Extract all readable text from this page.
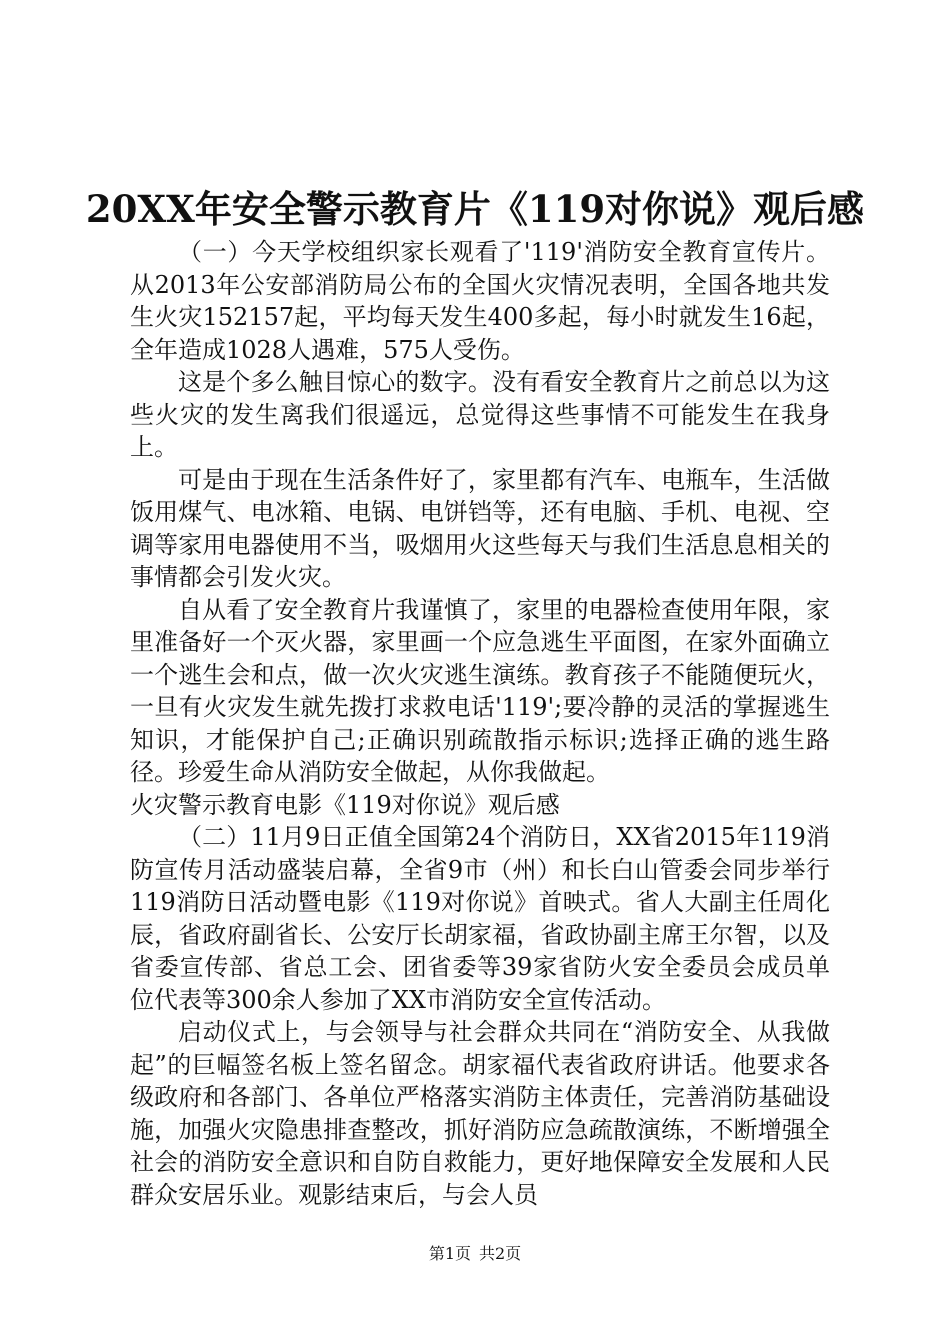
20XX年安全警示教育片《119对你说》观后感

（一）今天学校组织家长观看了'119'消防安全教育宣传片。从2013年公安部消防局公布的全国火灾情况表明，全国各地共发生火灾152157起，平均每天发生400多起，每小时就发生16起，全年造成1028人遇难，575人受伤。

这是个多么触目惊心的数字。没有看安全教育片之前总以为这些火灾的发生离我们很遥远，总觉得这些事情不可能发生在我身上。

可是由于现在生活条件好了，家里都有汽车、电瓶车，生活做饭用煤气、电冰箱、电锅、电饼铛等，还有电脑、手机、电视、空调等家用电器使用不当，吸烟用火这些每天与我们生活息息相关的事情都会引发火灾。

自从看了安全教育片我谨慎了，家里的电器检查使用年限，家里准备好一个灭火器，家里画一个应急逃生平面图，在家外面确立一个逃生会和点，做一次火灾逃生演练。教育孩子不能随便玩火，一旦有火灾发生就先拨打求救电话'119';要冷静的灵活的掌握逃生知识，才能保护自己;正确识别疏散指示标识;选择正确的逃生路径。珍爱生命从消防安全做起，从你我做起。

火灾警示教育电影《119对你说》观后感

（二）11月9日正值全国第24个消防日，XX省2015年119消防宣传月活动盛装启幕，全省9市（州）和长白山管委会同步举行119消防日活动暨电影《119对你说》首映式。省人大副主任周化辰，省政府副省长、公安厅长胡家福，省政协副主席王尔智，以及省委宣传部、省总工会、团省委等39家省防火安全委员会成员单位代表等300余人参加了XX市消防安全宣传活动。

启动仪式上，与会领导与社会群众共同在“消防安全、从我做起”的巨幅签名板上签名留念。胡家福代表省政府讲话。他要求各级政府和各部门、各单位严格落实消防主体责任，完善消防基础设施，加强火灾隐患排查整改，抓好消防应急疏散演练，不断增强全社会的消防安全意识和自防自救能力，更好地保障安全发展和人民群众安居乐业。观影结束后，与会人员

第1页 共2页
